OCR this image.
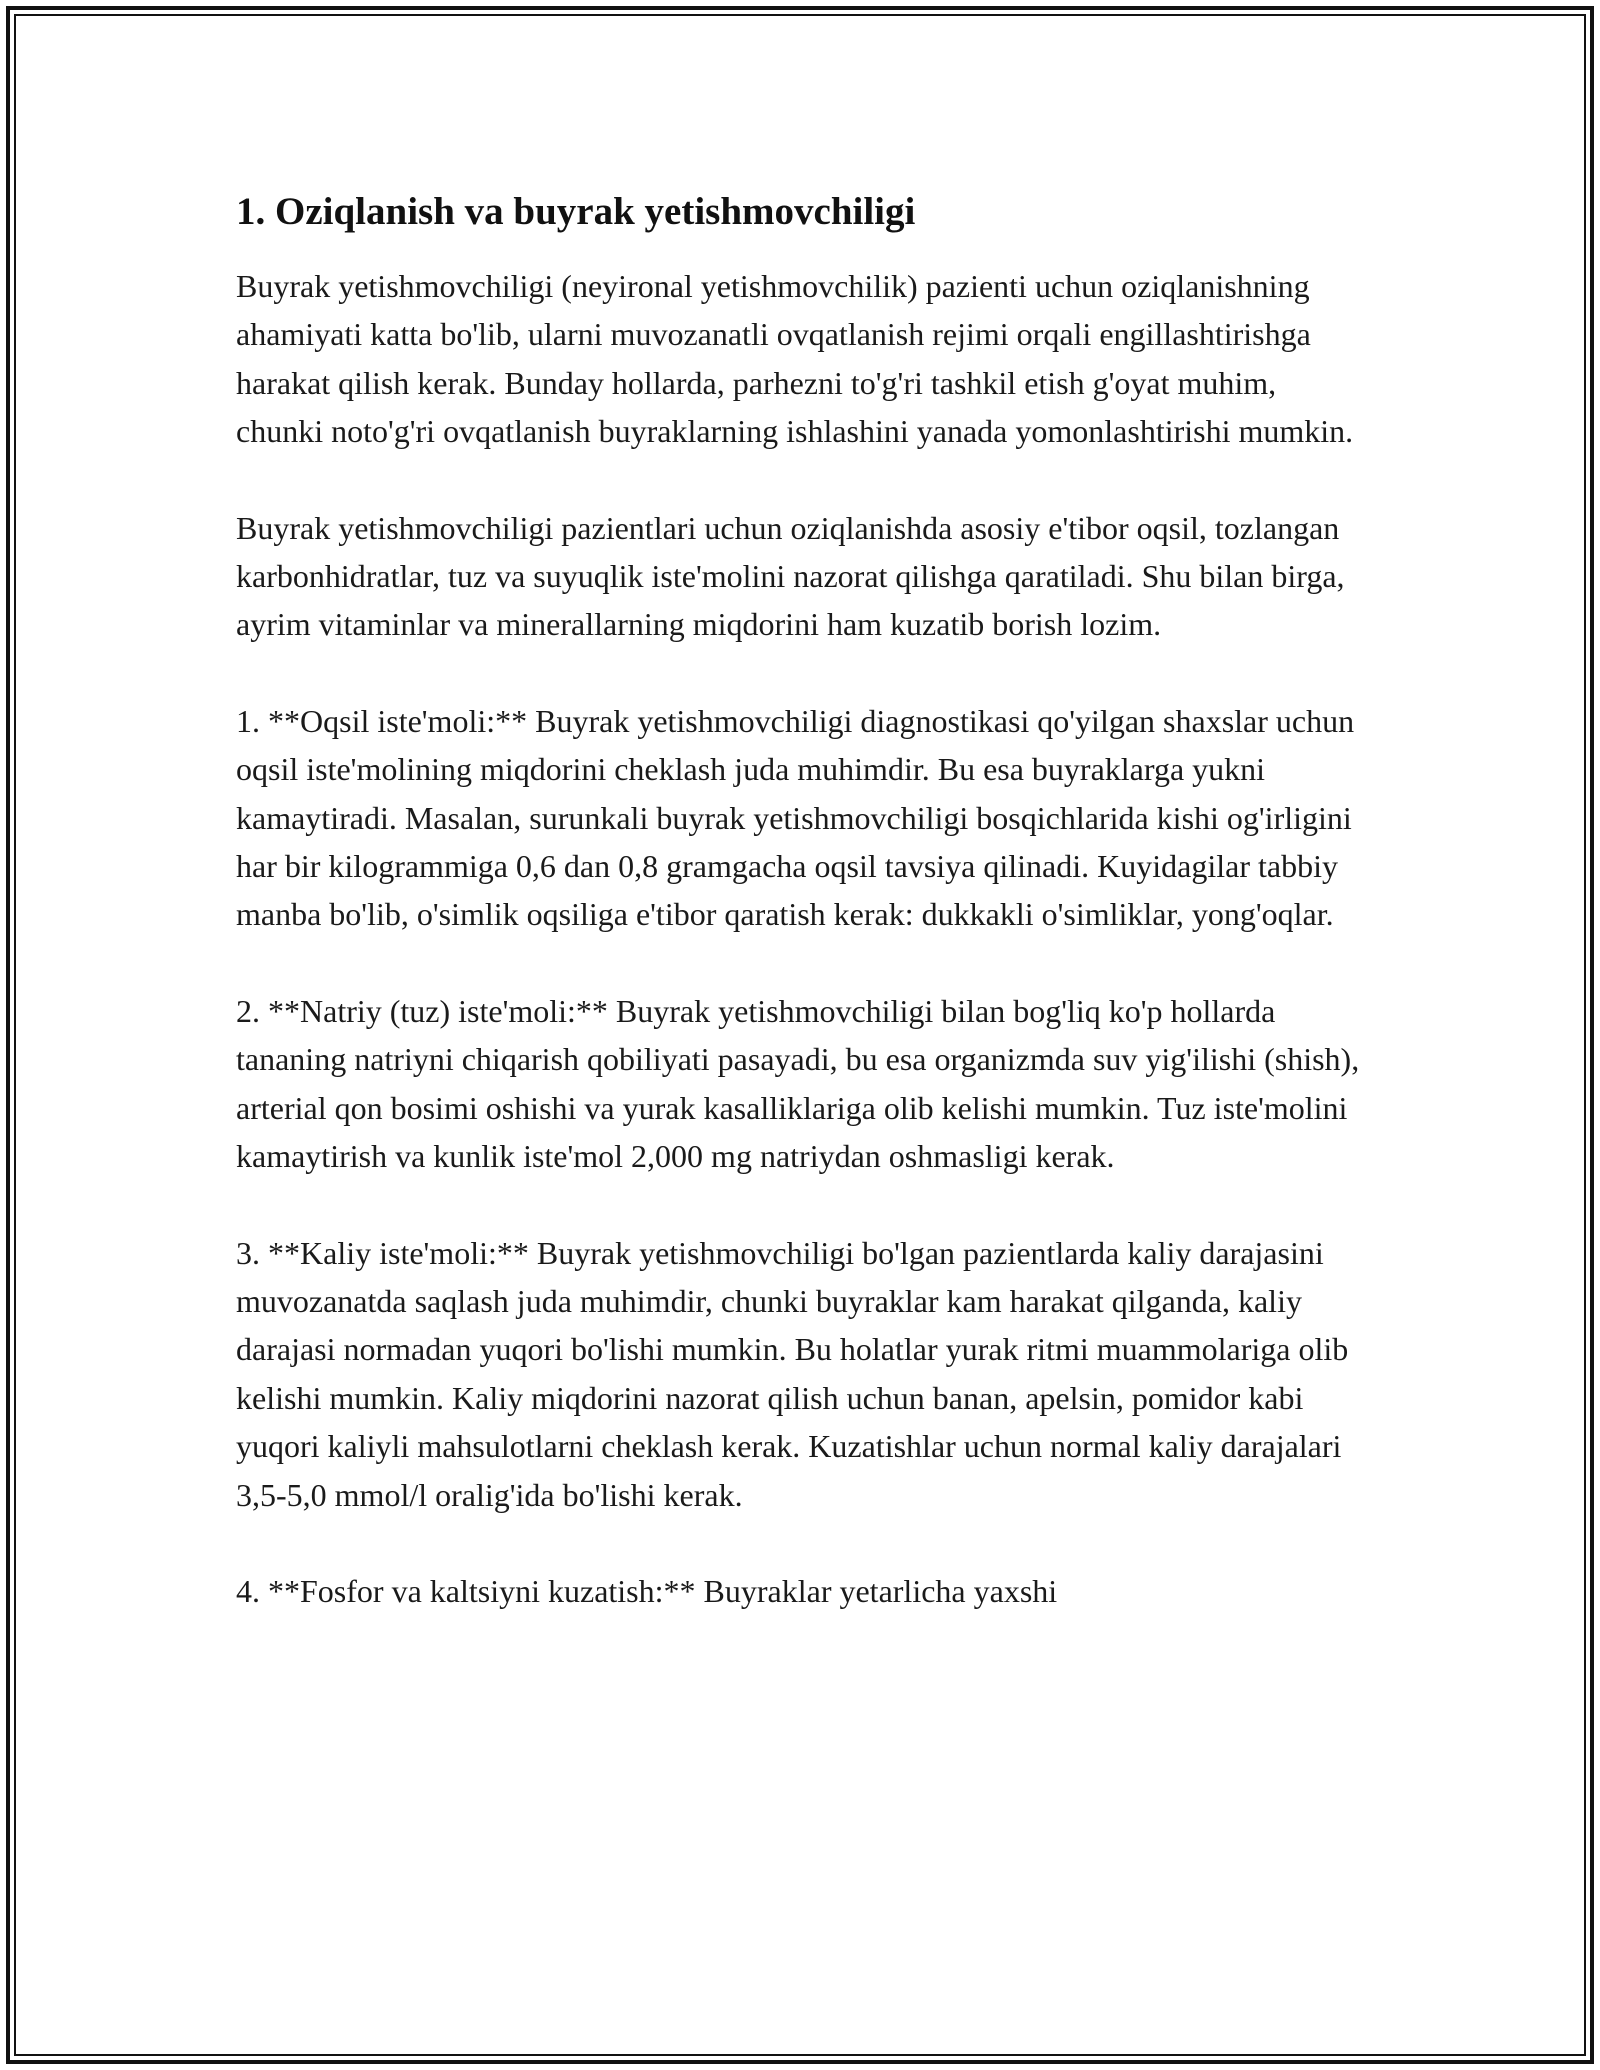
1. Oziqlanish va buyrak yetishmovchiligi

Buyrak yetishmovchiligi (neyironal yetishmovchilik) pazienti uchun oziqlanishning ahamiyati katta bo'lib, ularni muvozanatli ovqatlanish rejimi orqali engillashtirishga harakat qilish kerak. Bunday hollarda, parhezni to'g'ri tashkil etish g'oyat muhim, chunki noto'g'ri ovqatlanish buyraklarning ishlashini yanada yomonlashtirishi mumkin.

Buyrak yetishmovchiligi pazientlari uchun oziqlanishda asosiy e'tibor oqsil, tozlangan karbonhidratlar, tuz va suyuqlik iste'molini nazorat qilishga qaratiladi. Shu bilan birga, ayrim vitaminlar va minerallarning miqdorini ham kuzatib borish lozim.

1. **Oqsil iste'moli:** Buyrak yetishmovchiligi diagnostikasi qo'yilgan shaxslar uchun oqsil iste'molining miqdorini cheklash juda muhimdir. Bu esa buyraklarga yukni kamaytiradi. Masalan, surunkali buyrak yetishmovchiligi bosqichlarida kishi og'irligini har bir kilogrammiga 0,6 dan 0,8 gramgacha oqsil tavsiya qilinadi. Kuyidagilar tabbiy manba bo'lib, o'simlik oqsiliga e'tibor qaratish kerak: dukkakli o'simliklar, yong'oqlar.

2. **Natriy (tuz) iste'moli:** Buyrak yetishmovchiligi bilan bog'liq ko'p hollarda tananing natriyni chiqarish qobiliyati pasayadi, bu esa organizmda suv yig'ilishi (shish), arterial qon bosimi oshishi va yurak kasalliklariga olib kelishi mumkin. Tuz iste'molini kamaytirish va kunlik iste'mol 2,000 mg natriydan oshmasligi kerak.

3. **Kaliy iste'moli:** Buyrak yetishmovchiligi bo'lgan pazientlarda kaliy darajasini muvozanatda saqlash juda muhimdir, chunki buyraklar kam harakat qilganda, kaliy darajasi normadan yuqori bo'lishi mumkin. Bu holatlar yurak ritmi muammolariga olib kelishi mumkin. Kaliy miqdorini nazorat qilish uchun banan, apelsin, pomidor kabi yuqori kaliyli mahsulotlarni cheklash kerak. Kuzatishlar uchun normal kaliy darajalari 3,5-5,0 mmol/l oralig'ida bo'lishi kerak.

4. **Fosfor va kaltsiyni kuzatish:** Buyraklar yetarlicha yaxshi
